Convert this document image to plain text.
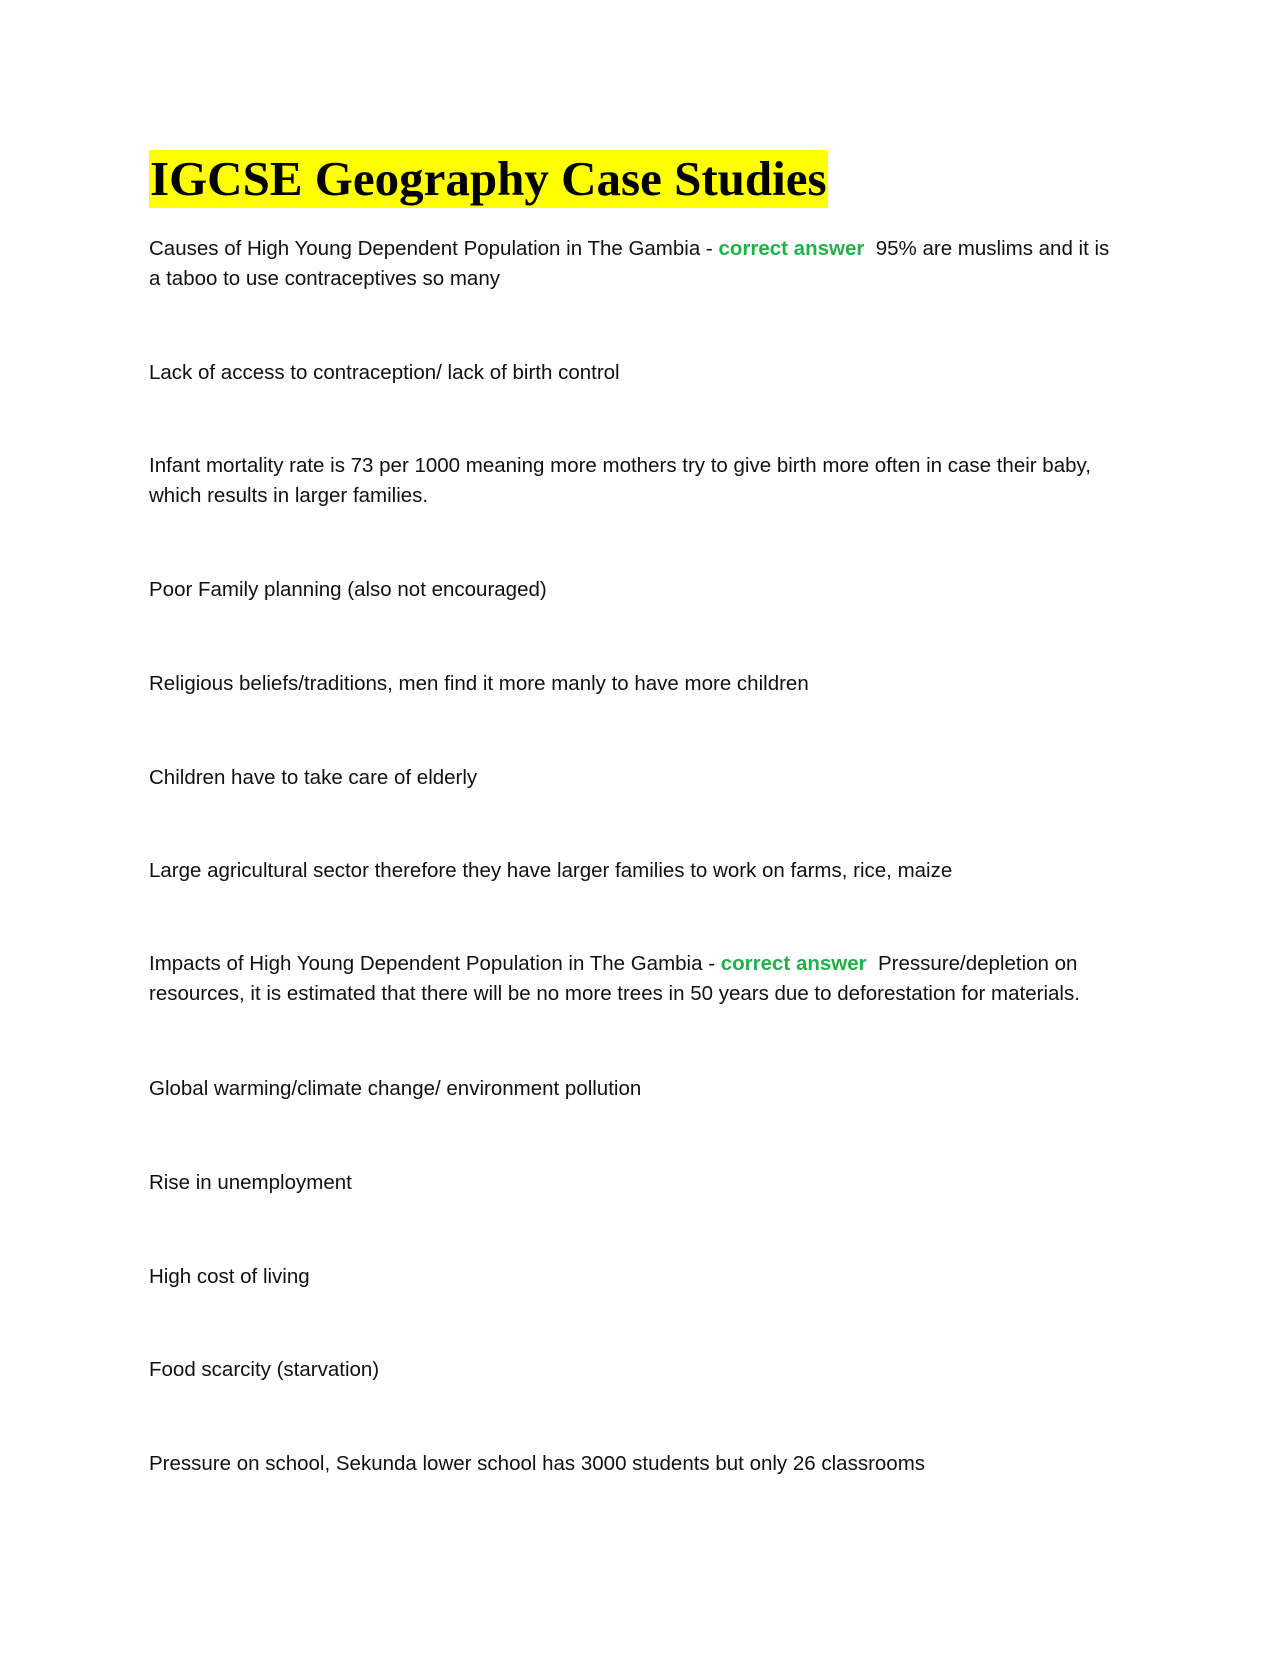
IGCSE Geography Case Studies

Causes of High Young Dependent Population in The Gambia - correct answer 95% are muslims and it is a taboo to use contraceptives so many

Lack of access to contraception/ lack of birth control

Infant mortality rate is 73 per 1000 meaning more mothers try to give birth more often in case their baby, which results in larger families.

Poor Family planning (also not encouraged)

Religious beliefs/traditions, men find it more manly to have more children

Children have to take care of elderly

Large agricultural sector therefore they have larger families to work on farms, rice, maize

Impacts of High Young Dependent Population in The Gambia - correct answer Pressure/depletion on resources, it is estimated that there will be no more trees in 50 years due to deforestation for materials.

Global warming/climate change/ environment pollution

Rise in unemployment

High cost of living

Food scarcity (starvation)

Pressure on school, Sekunda lower school has 3000 students but only 26 classrooms
